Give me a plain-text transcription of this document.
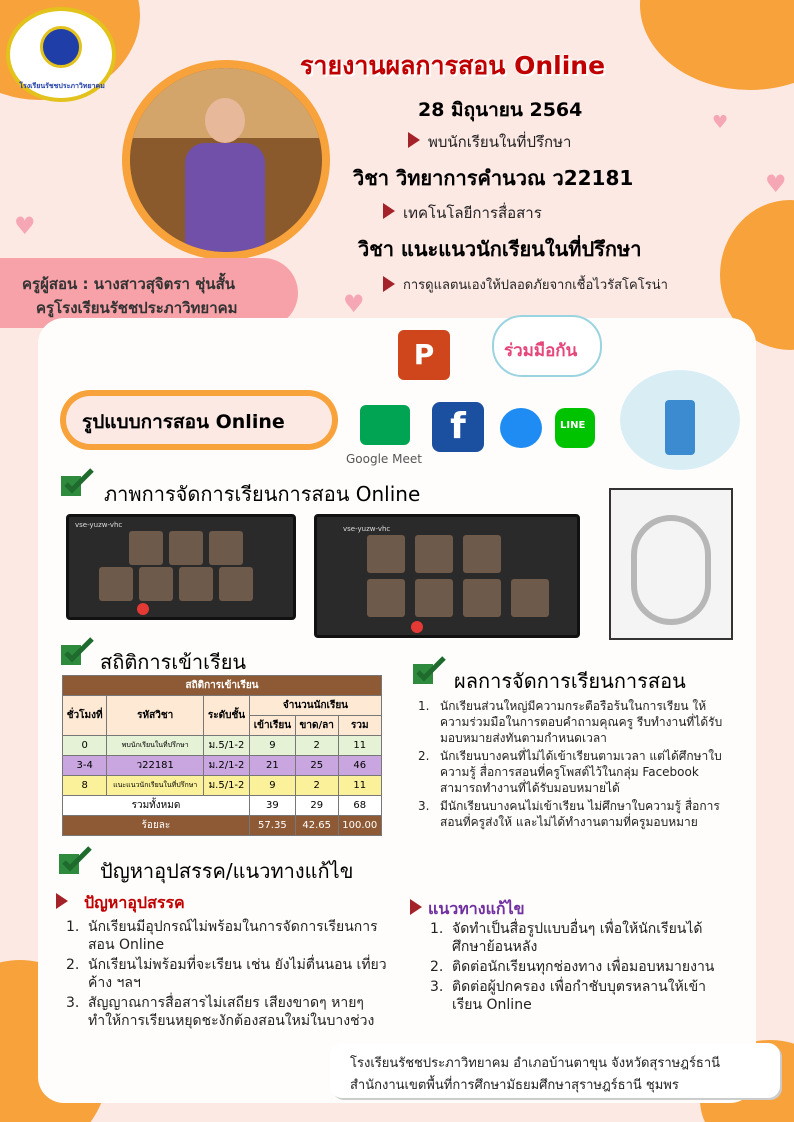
♥
♥
♥
♥
โรงเรียนรัชชประภาวิทยาคม
รายงานผลการสอน Online
28 มิถุนายน 2564
พบนักเรียนในที่ปรึกษา
วิชา วิทยาการคำนวณ ว22181
เทคโนโลยีการสื่อสาร
วิชา แนะแนวนักเรียนในที่ปรึกษา
การดูแลตนเองให้ปลอดภัยจากเชื้อไวรัสโคโรน่า
ครูผู้สอน : นางสาวสุจิตรา ชุ่นสั้น
ครูโรงเรียนรัชชประภาวิทยาคม
P	ร่วมมือกัน
รูปแบบการสอน Online
Google Meet
f	LINE
ภาพการจัดการเรียนการสอน Online
vse-yuzw-vhc	vse-yuzw-vhc
สถิติการเข้าเรียน
สถิติการเข้าเรียน					
ชั่วโมงที่	รหัสวิชา	ระดับชั้น	จำนวนนักเรียน		
			เข้าเรียน	ขาด/ลา	รวม
0	พบนักเรียนในที่ปรึกษา	ม.5/1-2	9	2	11
3-4	ว22181	ม.2/1-2	21	25	46
8	แนะแนวนักเรียนในที่ปรึกษา	ม.5/1-2	9	2	11
รวมทั้งหมด			39	29	68
ร้อยละ			57.35	42.65	100.00
ผลการจัดการเรียนการสอน
1. นักเรียนส่วนใหญ่มีความกระตือรือร้นในการเรียน ให้ความร่วมมือในการตอบคำถามคุณครู รีบทำงานที่ได้รับมอบหมายส่งทันตามกำหนดเวลา
2. นักเรียนบางคนที่ไม่ได้เข้าเรียนตามเวลา แต่ได้ศึกษาใบความรู้ สื่อการสอนที่ครูโพสต์ไว้ในกลุ่ม Facebook สามารถทำงานที่ได้รับมอบหมายได้
3. มีนักเรียนบางคนไม่เข้าเรียน ไม่ศึกษาใบความรู้ สื่อการสอนที่ครูส่งให้ และไม่ได้ทำงานตามที่ครูมอบหมาย
ปัญหาอุปสรรค/แนวทางแก้ไข
ปัญหาอุปสรรค
1. นักเรียนมีอุปกรณ์ไม่พร้อมในการจัดการเรียนการสอน Online
2. นักเรียนไม่พร้อมที่จะเรียน เช่น ยังไม่ตื่นนอน เที่ยวค้าง ฯลฯ
3. สัญญาณการสื่อสารไม่เสถียร เสียงขาดๆ หายๆ ทำให้การเรียนหยุดชะงักต้องสอนใหม่ในบางช่วง
แนวทางแก้ไข
1. จัดทำเป็นสื่อรูปแบบอื่นๆ เพื่อให้นักเรียนได้ศึกษาย้อนหลัง
2. ติดต่อนักเรียนทุกช่องทาง เพื่อมอบหมายงาน
3. ติดต่อผู้ปกครอง เพื่อกำชับบุตรหลานให้เข้าเรียน Online
โรงเรียนรัชชประภาวิทยาคม อำเภอบ้านตาขุน จังหวัดสุราษฎร์ธานี
สำนักงานเขตพื้นที่การศึกษามัธยมศึกษาสุราษฎร์ธานี ชุมพร
